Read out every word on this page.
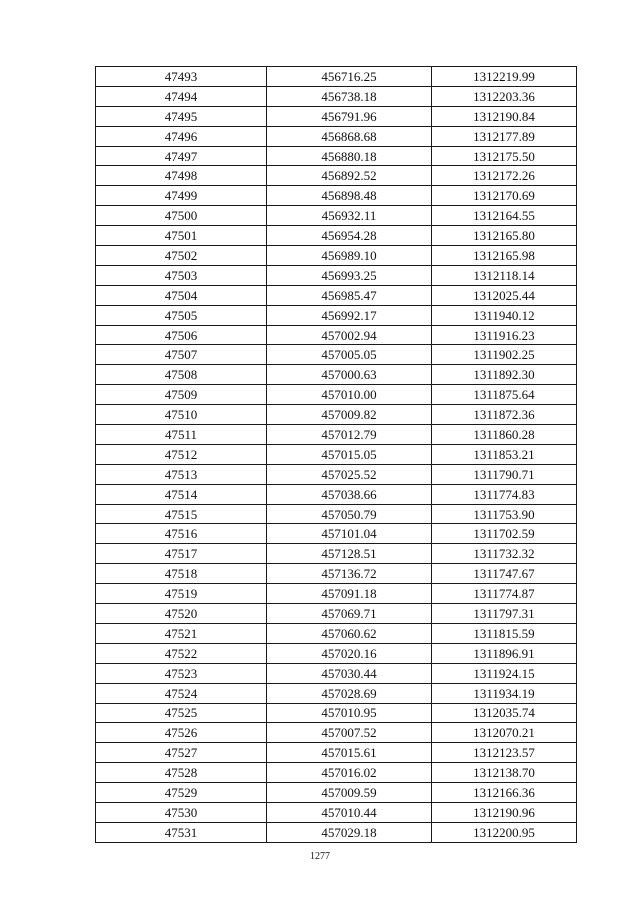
47493	456716.25	1312219.99
47494	456738.18	1312203.36
47495	456791.96	1312190.84
47496	456868.68	1312177.89
47497	456880.18	1312175.50
47498	456892.52	1312172.26
47499	456898.48	1312170.69
47500	456932.11	1312164.55
47501	456954.28	1312165.80
47502	456989.10	1312165.98
47503	456993.25	1312118.14
47504	456985.47	1312025.44
47505	456992.17	1311940.12
47506	457002.94	1311916.23
47507	457005.05	1311902.25
47508	457000.63	1311892.30
47509	457010.00	1311875.64
47510	457009.82	1311872.36
47511	457012.79	1311860.28
47512	457015.05	1311853.21
47513	457025.52	1311790.71
47514	457038.66	1311774.83
47515	457050.79	1311753.90
47516	457101.04	1311702.59
47517	457128.51	1311732.32
47518	457136.72	1311747.67
47519	457091.18	1311774.87
47520	457069.71	1311797.31
47521	457060.62	1311815.59
47522	457020.16	1311896.91
47523	457030.44	1311924.15
47524	457028.69	1311934.19
47525	457010.95	1312035.74
47526	457007.52	1312070.21
47527	457015.61	1312123.57
47528	457016.02	1312138.70
47529	457009.59	1312166.36
47530	457010.44	1312190.96
47531	457029.18	1312200.95
1277
